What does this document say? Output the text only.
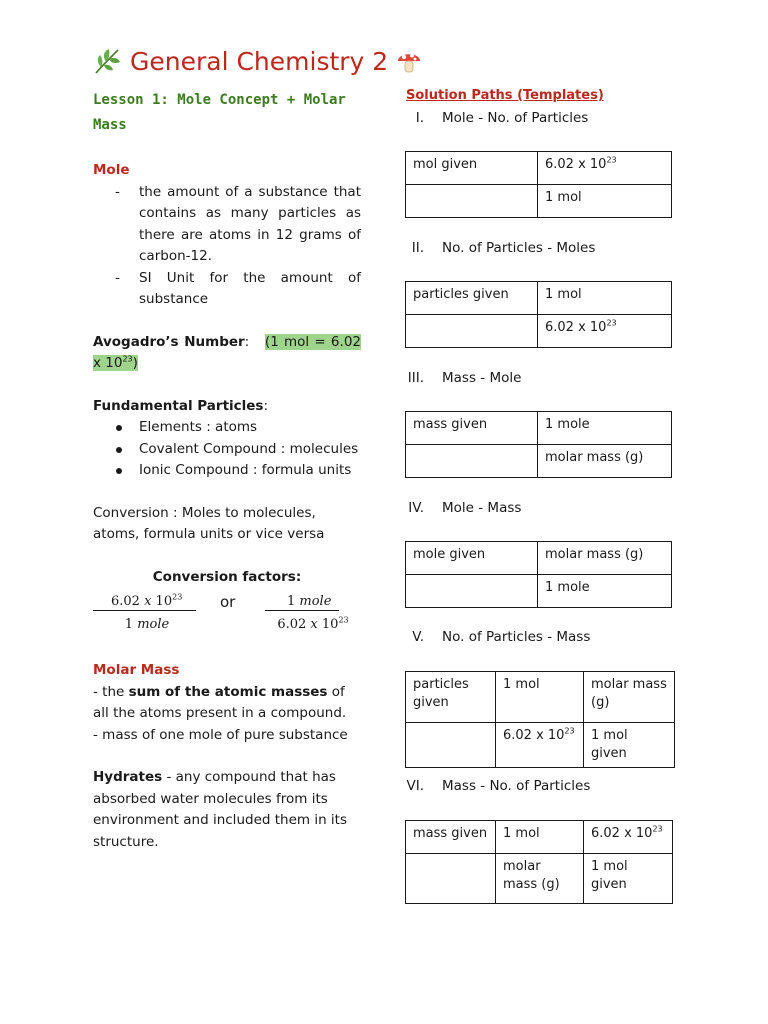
General Chemistry 2
Lesson 1: Mole Concept + Molar Mass
Mole
- the amount of a substance that contains as many particles as there are atoms in 12 grams of carbon-12.
- SI Unit for the amount of substance
Avogadro’s Number: (1 mol = 6.02 x $10^{23}$)
Fundamental Particles:
Elements : atoms
Covalent Compound : molecules
Ionic Compound : formula units
Conversion : Moles to molecules, atoms, formula units or vice versa
Conversion factors:
6.02 x $10^{23}$
1 mole
or	1 mole
6.02 x $10^{23}$
Molar Mass
- the sum of the atomic masses of all the atoms present in a compound.
- mass of one mole of pure substance
Hydrates - any compound that has absorbed water molecules from its environment and included them in its structure.
Solution Paths (Templates)
I.	Mole - No. of Particles
mol given	6.02 x $10^{23}$
	1 mol
II.	No. of Particles - Moles
particles given	1 mol
	6.02 x $10^{23}$
III.	Mass - Mole
mass given	1 mole
	molar mass (g)
IV.	Mole - Mass
mole given	molar mass (g)
	1 mole
V.	No. of Particles - Mass
particles given	1 mol	molar mass (g)
	6.02 x $10^{23}$	1 mol given
VI.	Mass - No. of Particles
mass given	1 mol	6.02 x $10^{23}$
	molar mass (g)	1 mol given
